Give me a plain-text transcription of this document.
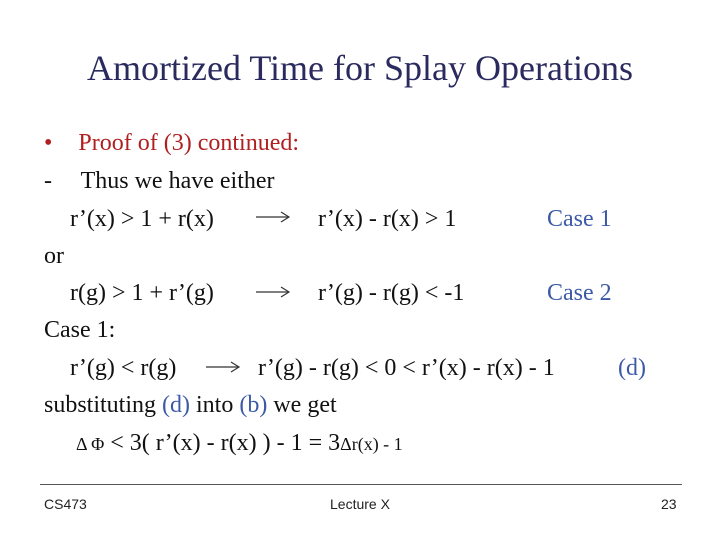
Amortized Time for Splay Operations
• Proof of (3) continued:
- Thus we have either
r’(x) > 1 + r(x)	r’(x) - r(x) > 1	Case 1
or
r(g) > 1 + r’(g)	r’(g) - r(g) < -1	Case 2
Case 1:
r’(g) < r(g)	r’(g) - r(g) < 0 < r’(x) - r(x) - 1	(d)
substituting (d) into (b) we get
Δ Φ < 3( r’(x) - r(x) ) - 1 = 3Δr(x) - 1
CS473	Lecture X	23
